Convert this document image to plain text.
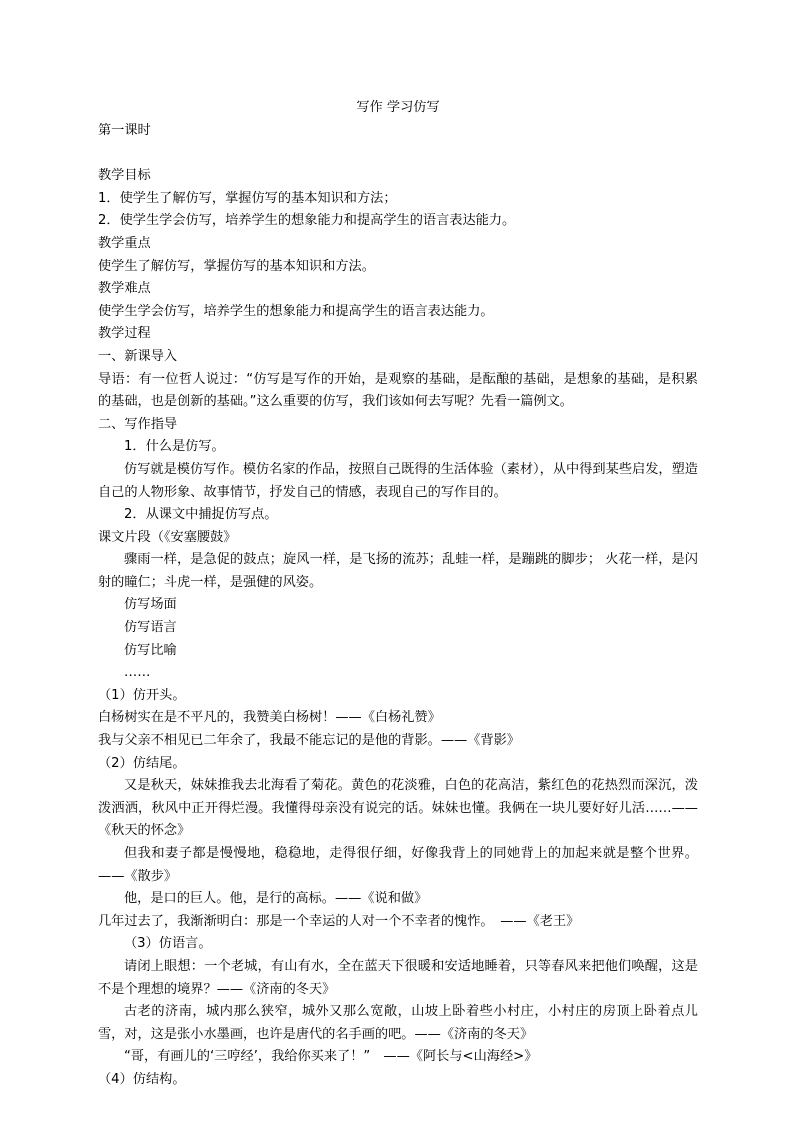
写作 学习仿写

第一课时

教学目标

1．使学生了解仿写，掌握仿写的基本知识和方法；

2．使学生学会仿写，培养学生的想象能力和提高学生的语言表达能力。

教学重点

使学生了解仿写，掌握仿写的基本知识和方法。

教学难点

使学生学会仿写，培养学生的想象能力和提高学生的语言表达能力。

教学过程

一、新课导入

导语：有一位哲人说过：“仿写是写作的开始，是观察的基础，是酝酿的基础，是想象的基础，是积累的基础，也是创新的基础。”这么重要的仿写，我们该如何去写呢？先看一篇例文。

二、写作指导

1．什么是仿写。

仿写就是模仿写作。模仿名家的作品，按照自己既得的生活体验（素材），从中得到某些启发，塑造自己的人物形象、故事情节，抒发自己的情感，表现自己的写作目的。

2．从课文中捕捉仿写点。

课文片段（《安塞腰鼓》

骤雨一样，是急促的鼓点；旋风一样，是飞扬的流苏；乱蛙一样，是蹦跳的脚步； 火花一样，是闪射的瞳仁；斗虎一样，是强健的风姿。

仿写场面

仿写语言

仿写比喻

……

（1）仿开头。

白杨树实在是不平凡的，我赞美白杨树！——《白杨礼赞》

我与父亲不相见已二年余了，我最不能忘记的是他的背影。——《背影》

（2）仿结尾。

又是秋天，妹妹推我去北海看了菊花。黄色的花淡雅，白色的花高洁，紫红色的花热烈而深沉，泼泼洒洒，秋风中正开得烂漫。我懂得母亲没有说完的话。妹妹也懂。我俩在一块儿要好好儿活……——《秋天的怀念》

但我和妻子都是慢慢地，稳稳地，走得很仔细，好像我背上的同她背上的加起来就是整个世界。——《散步》

他，是口的巨人。他，是行的高标。——《说和做》

几年过去了，我渐渐明白：那是一个幸运的人对一个不幸者的愧怍。　——《老王》

（3）仿语言。

请闭上眼想：一个老城，有山有水，全在蓝天下很暖和安适地睡着，只等春风来把他们唤醒，这是不是个理想的境界？——《济南的冬天》

古老的济南，城内那么狭窄，城外又那么宽敞，山坡上卧着些小村庄，小村庄的房顶上卧着点儿雪，对，这是张小水墨画，也许是唐代的名手画的吧。——《济南的冬天》

“哥，有画儿的‘三哼经’，我给你买来了！”　——《阿长与<山海经>》

（4）仿结构。
